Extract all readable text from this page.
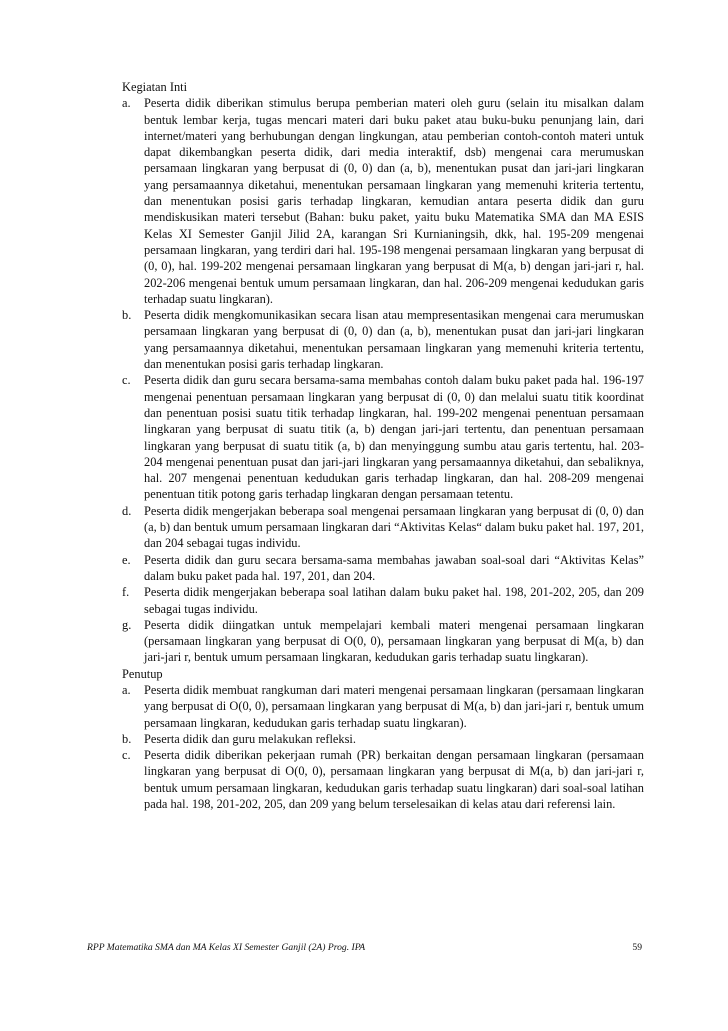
Kegiatan Inti
a. Peserta didik diberikan stimulus berupa pemberian materi oleh guru (selain itu misalkan dalam bentuk lembar kerja, tugas mencari materi dari buku paket atau buku-buku penunjang lain, dari internet/materi yang berhubungan dengan lingkungan, atau pemberian contoh-contoh materi untuk dapat dikembangkan peserta didik, dari media interaktif, dsb) mengenai cara merumuskan persamaan lingkaran yang berpusat di (0, 0) dan (a, b), menentukan pusat dan jari-jari lingkaran yang persamaannya diketahui, menentukan persamaan lingkaran yang memenuhi kriteria tertentu, dan menentukan posisi garis terhadap lingkaran, kemudian antara peserta didik dan guru mendiskusikan materi tersebut (Bahan: buku paket, yaitu buku Matematika SMA dan MA ESIS Kelas XI Semester Ganjil Jilid 2A, karangan Sri Kurnianingsih, dkk, hal. 195-209 mengenai persamaan lingkaran, yang terdiri dari hal. 195-198 mengenai persamaan lingkaran yang berpusat di (0, 0), hal. 199-202 mengenai persamaan lingkaran yang berpusat di M(a, b) dengan jari-jari r, hal. 202-206 mengenai bentuk umum persamaan lingkaran, dan hal. 206-209 mengenai kedudukan garis terhadap suatu lingkaran).
b. Peserta didik mengkomunikasikan secara lisan atau mempresentasikan mengenai cara merumuskan persamaan lingkaran yang berpusat di (0, 0) dan (a, b), menentukan pusat dan jari-jari lingkaran yang persamaannya diketahui, menentukan persamaan lingkaran yang memenuhi kriteria tertentu, dan menentukan posisi garis terhadap lingkaran.
c. Peserta didik dan guru secara bersama-sama membahas contoh dalam buku paket pada hal. 196-197 mengenai penentuan persamaan lingkaran yang berpusat di (0, 0) dan melalui suatu titik koordinat dan penentuan posisi suatu titik terhadap lingkaran, hal. 199-202 mengenai penentuan persamaan lingkaran yang berpusat di suatu titik (a, b) dengan jari-jari tertentu, dan penentuan persamaan lingkaran yang berpusat di suatu titik (a, b) dan menyinggung sumbu atau garis tertentu, hal. 203-204 mengenai penentuan pusat dan jari-jari lingkaran yang persamaannya diketahui, dan sebaliknya, hal. 207 mengenai penentuan kedudukan garis terhadap lingkaran, dan hal. 208-209 mengenai penentuan titik potong garis terhadap lingkaran dengan persamaan tetentu.
d. Peserta didik mengerjakan beberapa soal mengenai persamaan lingkaran yang berpusat di (0, 0) dan (a, b) dan bentuk umum persamaan lingkaran dari “Aktivitas Kelas“ dalam buku paket hal. 197, 201, dan 204 sebagai tugas individu.
e. Peserta didik dan guru secara bersama-sama membahas jawaban soal-soal dari “Aktivitas Kelas” dalam buku paket pada hal. 197, 201, dan 204.
f. Peserta didik mengerjakan beberapa soal latihan dalam buku paket hal. 198, 201-202, 205, dan 209 sebagai tugas individu.
g. Peserta didik diingatkan untuk mempelajari kembali materi mengenai persamaan lingkaran (persamaan lingkaran yang berpusat di O(0, 0), persamaan lingkaran yang berpusat di M(a, b) dan jari-jari r, bentuk umum persamaan lingkaran, kedudukan garis terhadap suatu lingkaran).
Penutup
a. Peserta didik membuat rangkuman dari materi mengenai persamaan lingkaran (persamaan lingkaran yang berpusat di O(0, 0), persamaan lingkaran yang berpusat di M(a, b) dan jari-jari r, bentuk umum persamaan lingkaran, kedudukan garis terhadap suatu lingkaran).
b. Peserta didik dan guru melakukan refleksi.
c. Peserta didik diberikan pekerjaan rumah (PR) berkaitan dengan persamaan lingkaran (persamaan lingkaran yang berpusat di O(0, 0), persamaan lingkaran yang berpusat di M(a, b) dan jari-jari r, bentuk umum persamaan lingkaran, kedudukan garis terhadap suatu lingkaran) dari soal-soal latihan pada hal. 198, 201-202, 205, dan 209 yang belum terselesaikan di kelas atau dari referensi lain.
RPP Matematika SMA dan MA Kelas XI Semester Ganjil (2A) Prog. IPA	59
